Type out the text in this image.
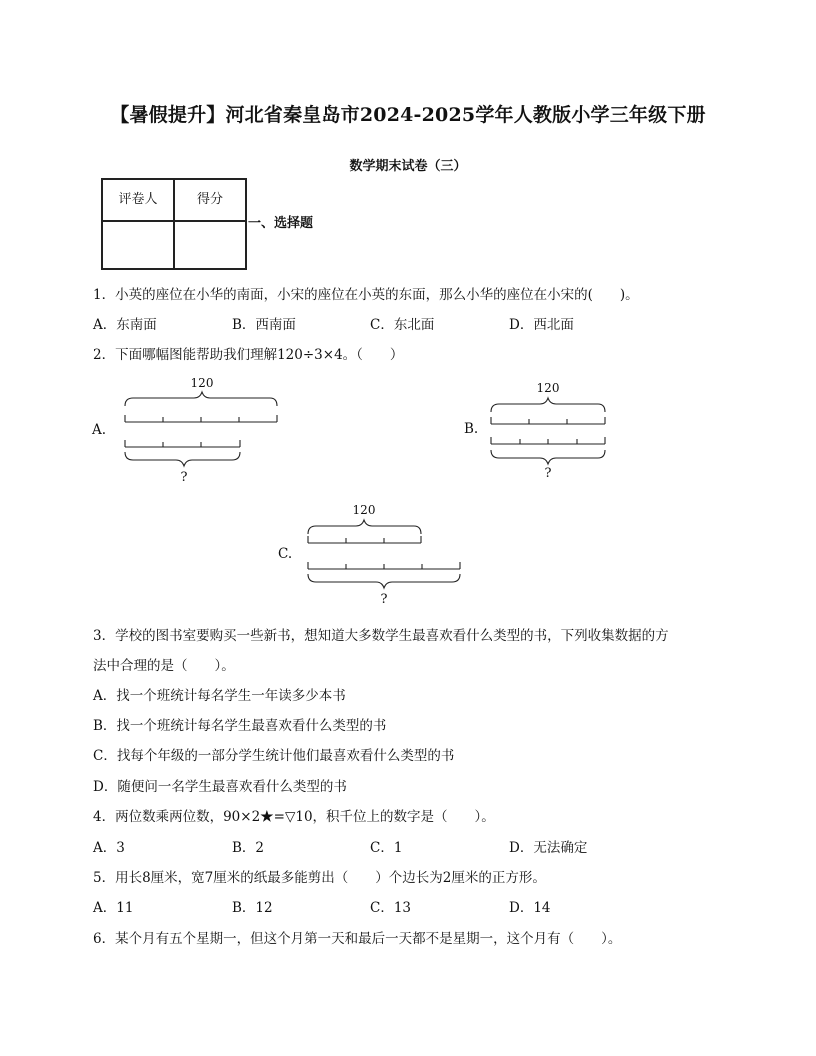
【暑假提升】河北省秦皇岛市2024-2025学年人教版小学三年级下册
数学期末试卷（三）
评卷人	得分

一、选择题
1．小英的座位在小华的南面，小宋的座位在小英的东面，那么小华的座位在小宋的(　　)。
A．东南面	B．西南面	C．东北面	D．西北面
2．下面哪幅图能帮助我们理解120÷3×4。（　　）
A.
120
?
B.
120
?
C.
120
?
3．学校的图书室要购买一些新书，想知道大多数学生最喜欢看什么类型的书，下列收集数据的方
法中合理的是（　　）。
A．找一个班统计每名学生一年读多少本书
B．找一个班统计每名学生最喜欢看什么类型的书
C．找每个年级的一部分学生统计他们最喜欢看什么类型的书
D．随便问一名学生最喜欢看什么类型的书
4．两位数乘两位数，90×2★=▽10，积千位上的数字是（　　）。
A．3	B．2	C．1	D．无法确定
5．用长8厘米，宽7厘米的纸最多能剪出（　　）个边长为2厘米的正方形。
A．11	B．12	C．13	D．14
6．某个月有五个星期一，但这个月第一天和最后一天都不是星期一，这个月有（　　）。
